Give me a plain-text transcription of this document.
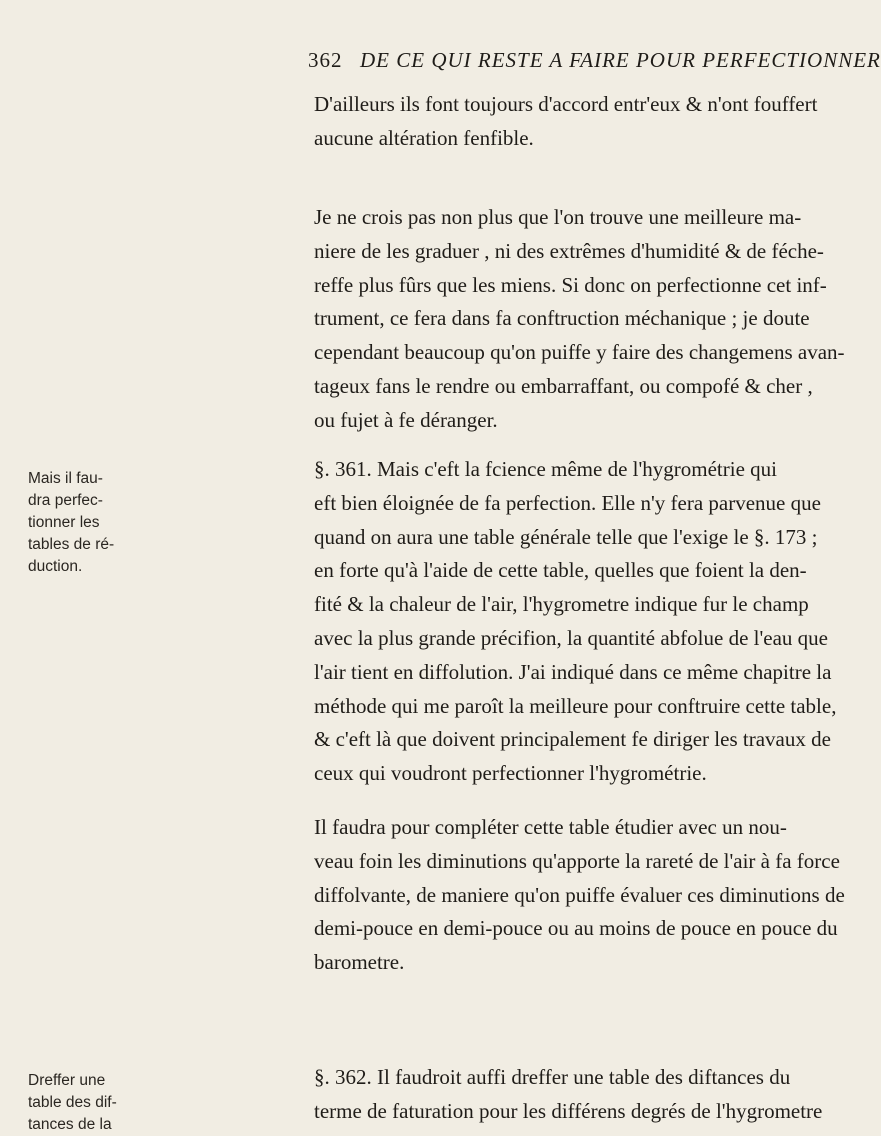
362 DE CE QUI RESTE A FAIRE POUR PERFECTIONNER

D'ailleurs ils font toujours d'accord entr'eux & n'ont fouffert
aucune altération fenfible.

Je ne crois pas non plus que l'on trouve une meilleure ma-
niere de les graduer , ni des extrêmes d'humidité & de féche-
reffe plus fûrs que les miens. Si donc on perfectionne cet inf-
trument, ce fera dans fa conftruction méchanique ; je doute
cependant beaucoup qu'on puiffe y faire des changemens avan-
tageux fans le rendre ou embarraffant, ou compofé & cher ,
ou fujet à fe déranger.

§. 361. Mais c'eft la fcience même de l'hygrométrie qui
eft bien éloignée de fa perfection. Elle n'y fera parvenue que
quand on aura une table générale telle que l'exige le §. 173 ;
en forte qu'à l'aide de cette table, quelles que foient la den-
fité & la chaleur de l'air, l'hygrometre indique fur le champ
avec la plus grande précifion, la quantité abfolue de l'eau que
l'air tient en diffolution. J'ai indiqué dans ce même chapitre la
méthode qui me paroît la meilleure pour conftruire cette table,
& c'eft là que doivent principalement fe diriger les travaux de
ceux qui voudront perfectionner l'hygrométrie.

Il faudra pour compléter cette table étudier avec un nou-
veau foin les diminutions qu'apporte la rareté de l'air à fa force
diffolvante, de maniere qu'on puiffe évaluer ces diminutions de
demi-pouce en demi-pouce ou au moins de pouce en pouce du
barometre.

§. 362. Il faudroit auffi dreffer une table des diftances du
terme de faturation pour les différens degrés de l'hygrometre

Mais il fau-
dra perfec-
tionner les
tables de ré-
duction.
Dreffer une
table des dif-
tances de la
